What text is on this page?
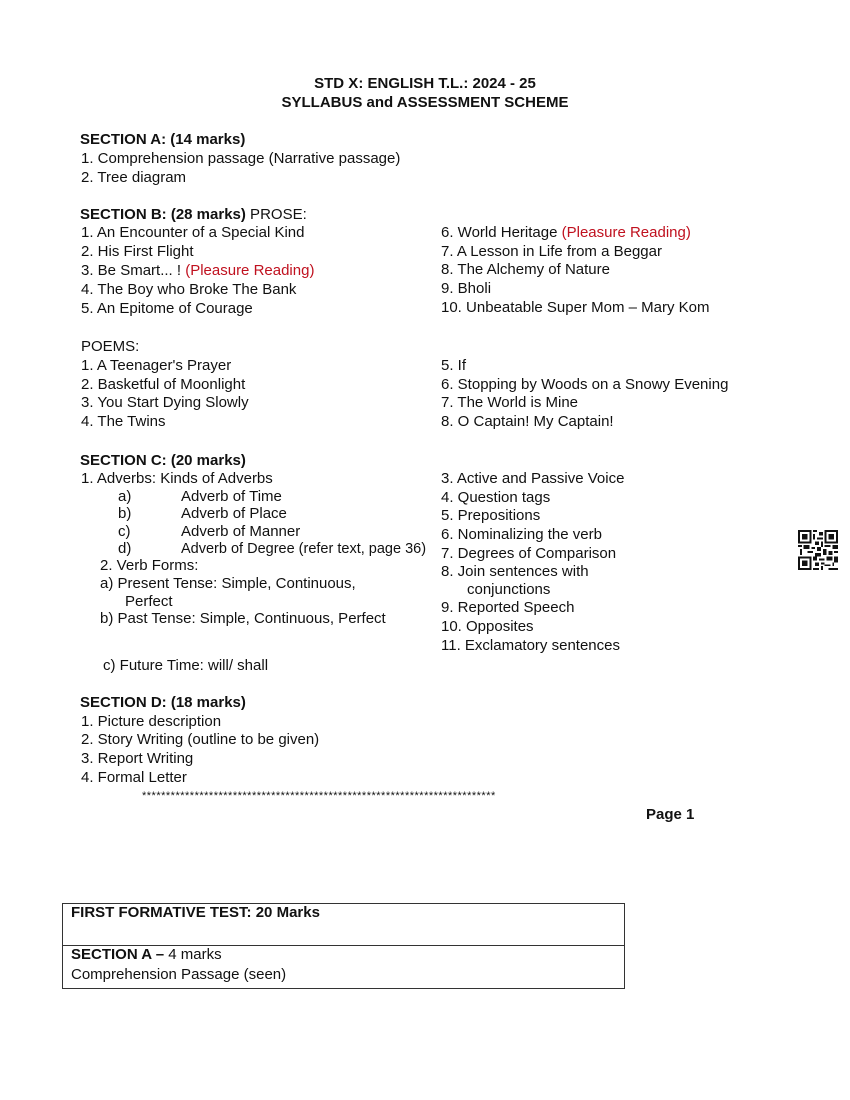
STD X: ENGLISH T.L.: 2024 - 25
SYLLABUS and ASSESSMENT SCHEME
SECTION A: (14 marks)
1. Comprehension passage (Narrative passage)
2. Tree diagram
SECTION B: (28 marks) PROSE:
1. An Encounter of a Special Kind
2. His First Flight
3. Be Smart... ! (Pleasure Reading)
4. The Boy who Broke The Bank
5. An Epitome of Courage
6. World Heritage (Pleasure Reading)
7. A Lesson in Life from a Beggar
8. The Alchemy of Nature
9. Bholi
10. Unbeatable Super Mom – Mary Kom
POEMS:
1. A Teenager's Prayer
2. Basketful of Moonlight
3. You Start Dying Slowly
4. The Twins
5. If
6. Stopping by Woods on a Snowy Evening
7. The World is Mine
8. O Captain! My Captain!
SECTION C: (20 marks)
1. Adverbs: Kinds of Adverbs
a)	Adverb of Time
b)	Adverb of Place
c)	Adverb of Manner
d)	Adverb of Degree (refer text, page 36)
2. Verb Forms:
a) Present Tense: Simple, Continuous,
Perfect
b) Past Tense: Simple, Continuous, Perfect
c) Future Time: will/ shall
3. Active and Passive Voice
4. Question tags
5. Prepositions
6. Nominalizing the verb
7. Degrees of Comparison
8. Join sentences with
conjunctions
9. Reported Speech
10. Opposites
11. Exclamatory sentences
SECTION D: (18 marks)
1. Picture description
2. Story Writing (outline to be given)
3. Report Writing
4. Formal Letter
**************************************************************************
Page 1
FIRST FORMATIVE TEST: 20 Marks
SECTION A – 4 marks
Comprehension Passage (seen)
